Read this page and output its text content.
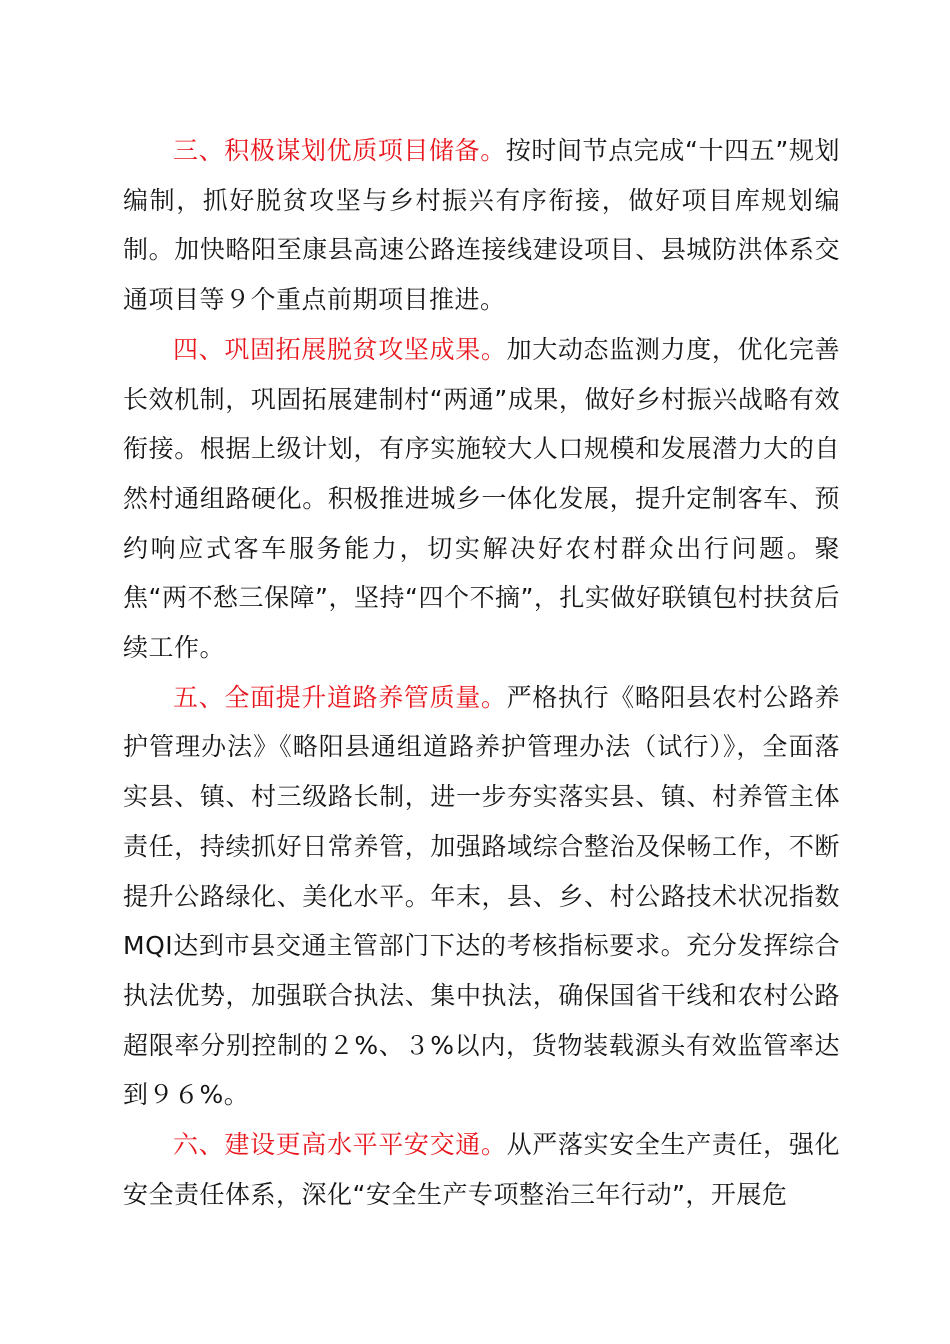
三、积极谋划优质项目储备。按时间节点完成“十四五”规划编制，抓好脱贫攻坚与乡村振兴有序衔接，做好项目库规划编制。加快略阳至康县高速公路连接线建设项目、县城防洪体系交通项目等９个重点前期项目推进。

四、巩固拓展脱贫攻坚成果。加大动态监测力度，优化完善长效机制，巩固拓展建制村“两通”成果，做好乡村振兴战略有效衔接。根据上级计划，有序实施较大人口规模和发展潜力大的自然村通组路硬化。积极推进城乡一体化发展，提升定制客车、预约响应式客车服务能力，切实解决好农村群众出行问题。聚焦“两不愁三保障”，坚持“四个不摘”，扎实做好联镇包村扶贫后续工作。

五、全面提升道路养管质量。严格执行《略阳县农村公路养护管理办法》《略阳县通组道路养护管理办法（试行）》，全面落实县、镇、村三级路长制，进一步夯实落实县、镇、村养管主体责任，持续抓好日常养管，加强路域综合整治及保畅工作，不断提升公路绿化、美化水平。年末，县、乡、村公路技术状况指数MQI达到市县交通主管部门下达的考核指标要求。充分发挥综合执法优势，加强联合执法、集中执法，确保国省干线和农村公路超限率分别控制的２%、３%以内，货物装载源头有效监管率达到９６%。

六、建设更高水平平安交通。从严落实安全生产责任，强化安全责任体系，深化“安全生产专项整治三年行动”，开展危
